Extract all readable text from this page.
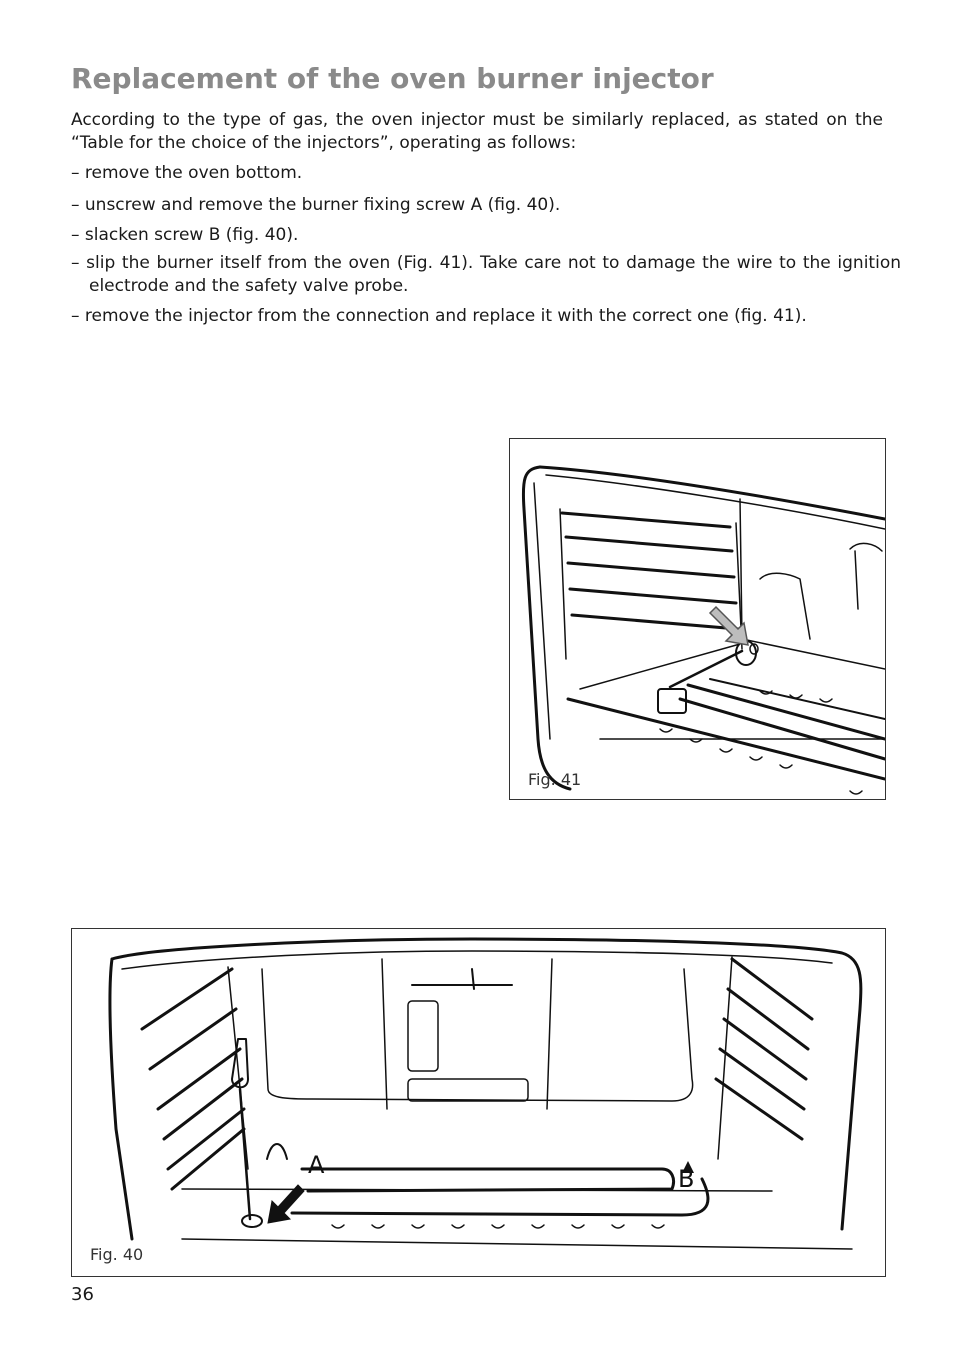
Replacement of the oven burner injector

According to the type of gas, the oven injector must be similarly replaced, as stated on the “Table for the choice of the injectors”, operating as follows:

– remove the oven bottom.
– unscrew and remove the burner fixing screw A (fig. 40).
– slacken screw B (fig. 40).
– slip the burner itself from the oven (Fig. 41). Take care not to damage the wire to the ignition electrode and the safety valve probe.
– remove the injector from the connection and replace it with the correct one (fig. 41).
Fig. 41
A	B
Fig. 40
36
